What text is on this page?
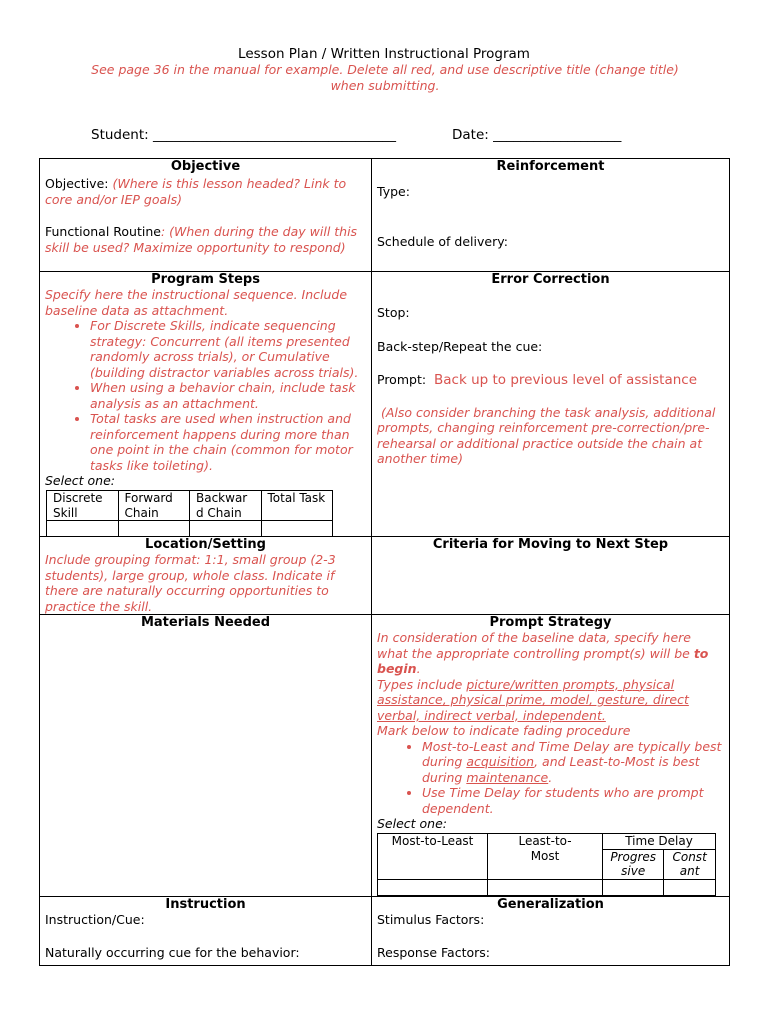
Lesson Plan / Written Instructional Program
See page 36 in the manual for example. Delete all red, and use descriptive title (change title) when submitting.
Student: ____________________________________	Date: ___________________
Objective

Objective: (Where is this lesson headed? Link to core and/or IEP goals)

Functional Routine: (When during the day will this skill be used? Maximize opportunity to respond)

Reinforcement

Type:

Schedule of delivery:

Program Steps

Specify here the instructional sequence. Include baseline data as attachment.

• For Discrete Skills, indicate sequencing strategy: Concurrent (all items presented randomly across trials), or Cumulative (building distractor variables across trials).
• When using a behavior chain, include task analysis as an attachment.
• Total tasks are used when instruction and reinforcement happens during more than one point in the chain (common for motor tasks like toileting).

Select one:

Discrete Skill	Forward Chain	Backward Chain	Total Task

Error Correction

Stop:

Back-step/Repeat the cue:

Prompt: Back up to previous level of assistance

(Also consider branching the task analysis, additional prompts, changing reinforcement pre-correction/pre-rehearsal or additional practice outside the chain at another time)

Location/Setting

Include grouping format: 1:1, small group (2-3 students), large group, whole class. Indicate if there are naturally occurring opportunities to practice the skill.

Criteria for Moving to Next Step
Materials Needed	Prompt Strategy

In consideration of the baseline data, specify here what the appropriate controlling prompt(s) will be to begin.

Types include picture/written prompts, physical assistance, physical prime, model, gesture, direct verbal, indirect verbal, independent.

Mark below to indicate fading procedure

• Most-to-Least and Time Delay are typically best during acquisition, and Least-to-Most is best during maintenance.
• Use Time Delay for students who are prompt dependent.

Select one:

Most-to-Least	Least-to-Most	Time Delay	
		Progressive	Constant

Instruction

Instruction/Cue:

Naturally occurring cue for the behavior:

Generalization

Stimulus Factors:

Response Factors:
